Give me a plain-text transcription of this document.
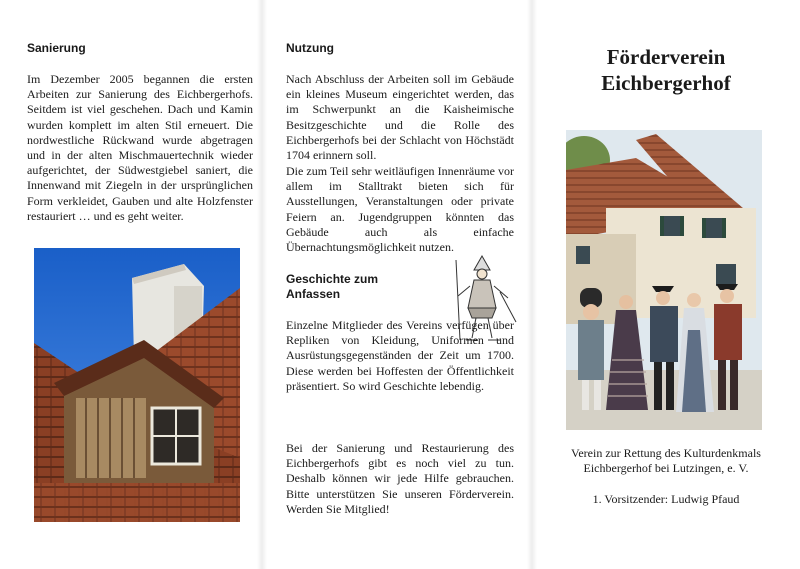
Sanierung

Im Dezember 2005 begannen die ersten Arbeiten zur Sanierung des Eichbergerhofs. Seitdem ist viel geschehen. Dach und Kamin wurden komplett im alten Stil erneuert. Die nordwestliche Rückwand wurde abgetragen und in der alten Mischmauertechnik wieder aufgerichtet, der Südwestgiebel saniert, die Innenwand mit Ziegeln in der ursprünglichen Form verkleidet, Gauben und alte Holzfenster restauriert … und es geht weiter.

Nutzung

Nach Abschluss der Arbeiten soll im Gebäude ein kleines Museum eingerichtet werden, das im Schwerpunkt an die Kaisheimische Besitzgeschichte und die Rolle des Eichbergerhofs bei der Schlacht von Höchstädt 1704 erinnern soll.

Die zum Teil sehr weitläufigen Innenräume vor allem im Stalltrakt bieten sich für Ausstellungen, Veranstaltungen oder private Feiern an. Jugendgruppen könnten das Gebäude auch als einfache Übernachtungsmöglichkeit nutzen.

Geschichte zum Anfassen

Einzelne Mitglieder des Vereins verfügen über Repliken von Kleidung, Uniformen und Ausrüstungsgegenständen der Zeit um 1700. Diese werden bei Hoffesten der Öffentlichkeit präsentiert. So wird Geschichte lebendig.

Bei der Sanierung und Restaurierung des Eichbergerhofs gibt es noch viel zu tun. Deshalb können wir jede Hilfe gebrauchen. Bitte unterstützen Sie unseren Förderverein. Werden Sie Mitglied!

Förderverein
Eichbergerhof
Verein zur Rettung des Kulturdenkmals
Eichbergerhof bei Lutzingen, e. V.
1. Vorsitzender: Ludwig Pfaud
